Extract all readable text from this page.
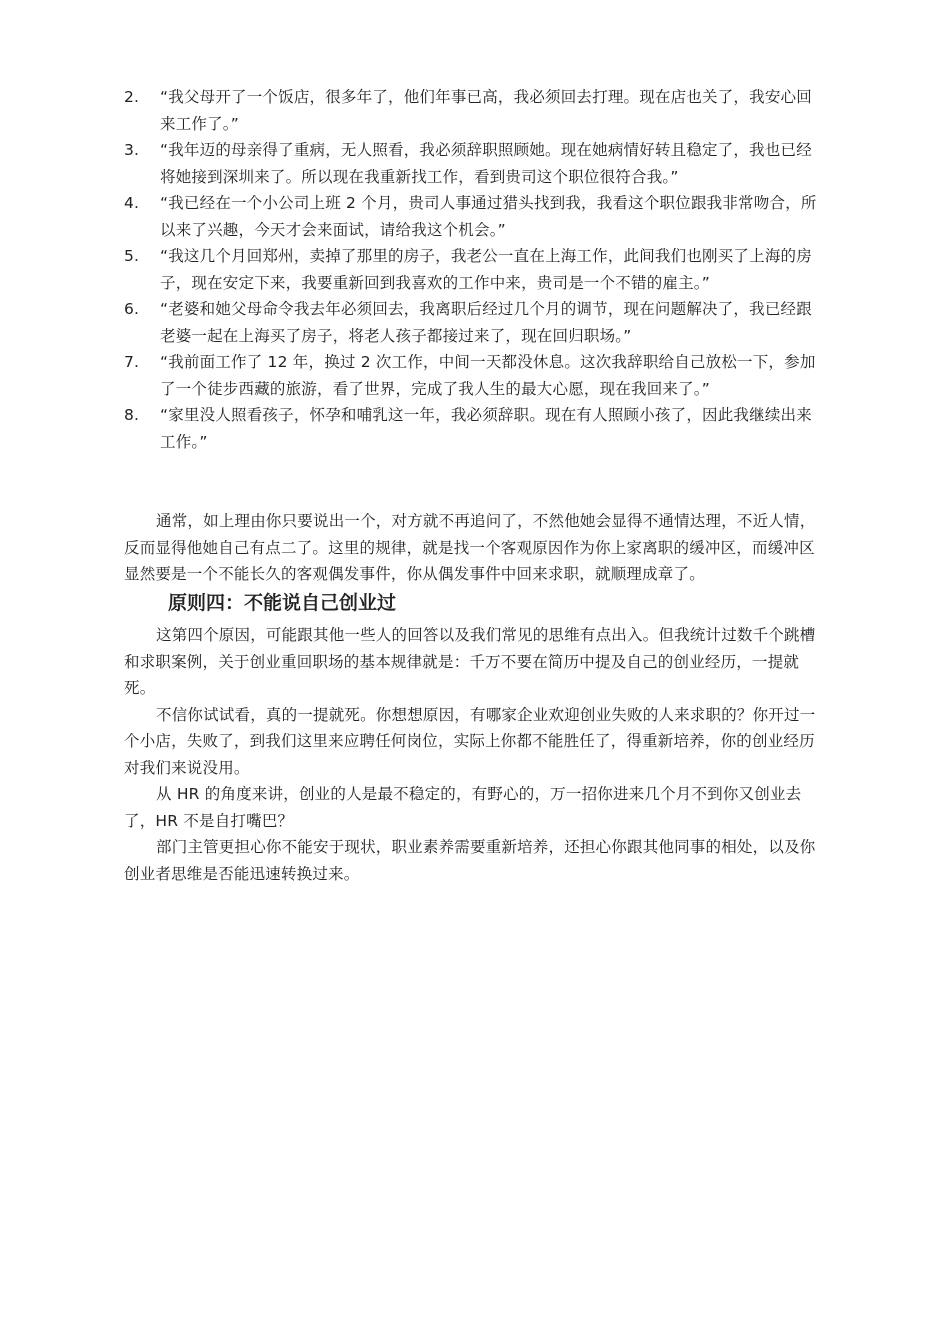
2.	“我父母开了一个饭店，很多年了，他们年事已高，我必须回去打理。现在店也关了，我安心回来工作了。”
3.	“我年迈的母亲得了重病，无人照看，我必须辞职照顾她。现在她病情好转且稳定了，我也已经将她接到深圳来了。所以现在我重新找工作，看到贵司这个职位很符合我。”
4.	“我已经在一个小公司上班 2 个月，贵司人事通过猎头找到我，我看这个职位跟我非常吻合，所以来了兴趣，今天才会来面试，请给我这个机会。”
5.	“我这几个月回郑州，卖掉了那里的房子，我老公一直在上海工作，此间我们也刚买了上海的房子，现在安定下来，我要重新回到我喜欢的工作中来，贵司是一个不错的雇主。”
6.	“老婆和她父母命令我去年必须回去，我离职后经过几个月的调节，现在问题解决了，我已经跟老婆一起在上海买了房子，将老人孩子都接过来了，现在回归职场。”
7.	“我前面工作了 12 年，换过 2 次工作，中间一天都没休息。这次我辞职给自己放松一下，参加了一个徒步西藏的旅游，看了世界，完成了我人生的最大心愿，现在我回来了。”
8.	“家里没人照看孩子，怀孕和哺乳这一年，我必须辞职。现在有人照顾小孩了，因此我继续出来工作。”

通常，如上理由你只要说出一个，对方就不再追问了，不然他她会显得不通情达理，不近人情，反而显得他她自己有点二了。这里的规律，就是找一个客观原因作为你上家离职的缓冲区，而缓冲区显然要是一个不能长久的客观偶发事件，你从偶发事件中回来求职，就顺理成章了。

原则四：不能说自己创业过

这第四个原因，可能跟其他一些人的回答以及我们常见的思维有点出入。但我统计过数千个跳槽和求职案例，关于创业重回职场的基本规律就是：千万不要在简历中提及自己的创业经历，一提就死。

不信你试试看，真的一提就死。你想想原因，有哪家企业欢迎创业失败的人来求职的？你开过一个小店，失败了，到我们这里来应聘任何岗位，实际上你都不能胜任了，得重新培养，你的创业经历对我们来说没用。

从 HR 的角度来讲，创业的人是最不稳定的，有野心的，万一招你进来几个月不到你又创业去了，HR 不是自打嘴巴？

部门主管更担心你不能安于现状，职业素养需要重新培养，还担心你跟其他同事的相处，以及你创业者思维是否能迅速转换过来。
